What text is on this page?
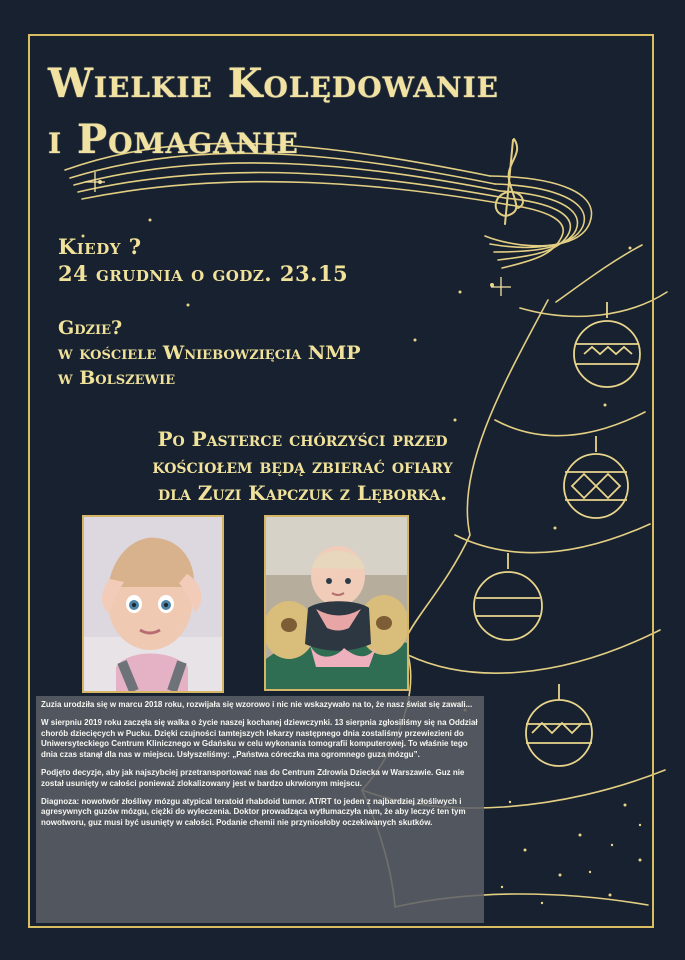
Wielkie Kolędowanie
i Pomaganie
Kiedy ?
24 grudnia o godz. 23.15
Gdzie?
w kościele Wniebowzięcia NMP
w Bolszewie
Po Pasterce chórzyści przed
kościołem będą zbierać ofiary
dla Zuzi Kapczuk z Lęborka.

Zuzia urodziła się w marcu 2018 roku, rozwijała się wzorowo i nic nie wskazywało na to, że nasz świat się zawali...

W sierpniu 2019 roku zaczęła się walka o życie naszej kochanej dziewczynki. 13 sierpnia zgłosiliśmy się na Oddział chorób dziecięcych w Pucku. Dzięki czujności tamtejszych lekarzy następnego dnia zostaliśmy przewiezieni do Uniwersyteckiego Centrum Klinicznego w Gdańsku w celu wykonania tomografii komputerowej. To właśnie tego dnia czas stanął dla nas w miejscu. Usłyszeliśmy: „Państwa córeczka ma ogromnego guza mózgu”.

Podjęto decyzje, aby jak najszybciej przetransportować nas do Centrum Zdrowia Dziecka w Warszawie. Guz nie został usunięty w całości ponieważ zlokalizowany jest w bardzo ukrwionym miejscu.

Diagnoza: nowotwór złośliwy mózgu atypical teratoid rhabdoid tumor. AT/RT to jeden z najbardziej złośliwych i agresywnych guzów mózgu, ciężki do wyleczenia. Doktor prowadząca wytłumaczyła nam, że aby leczyć ten tym nowotworu, guz musi być usunięty w całości. Podanie chemii nie przyniosłoby oczekiwanych skutków.
